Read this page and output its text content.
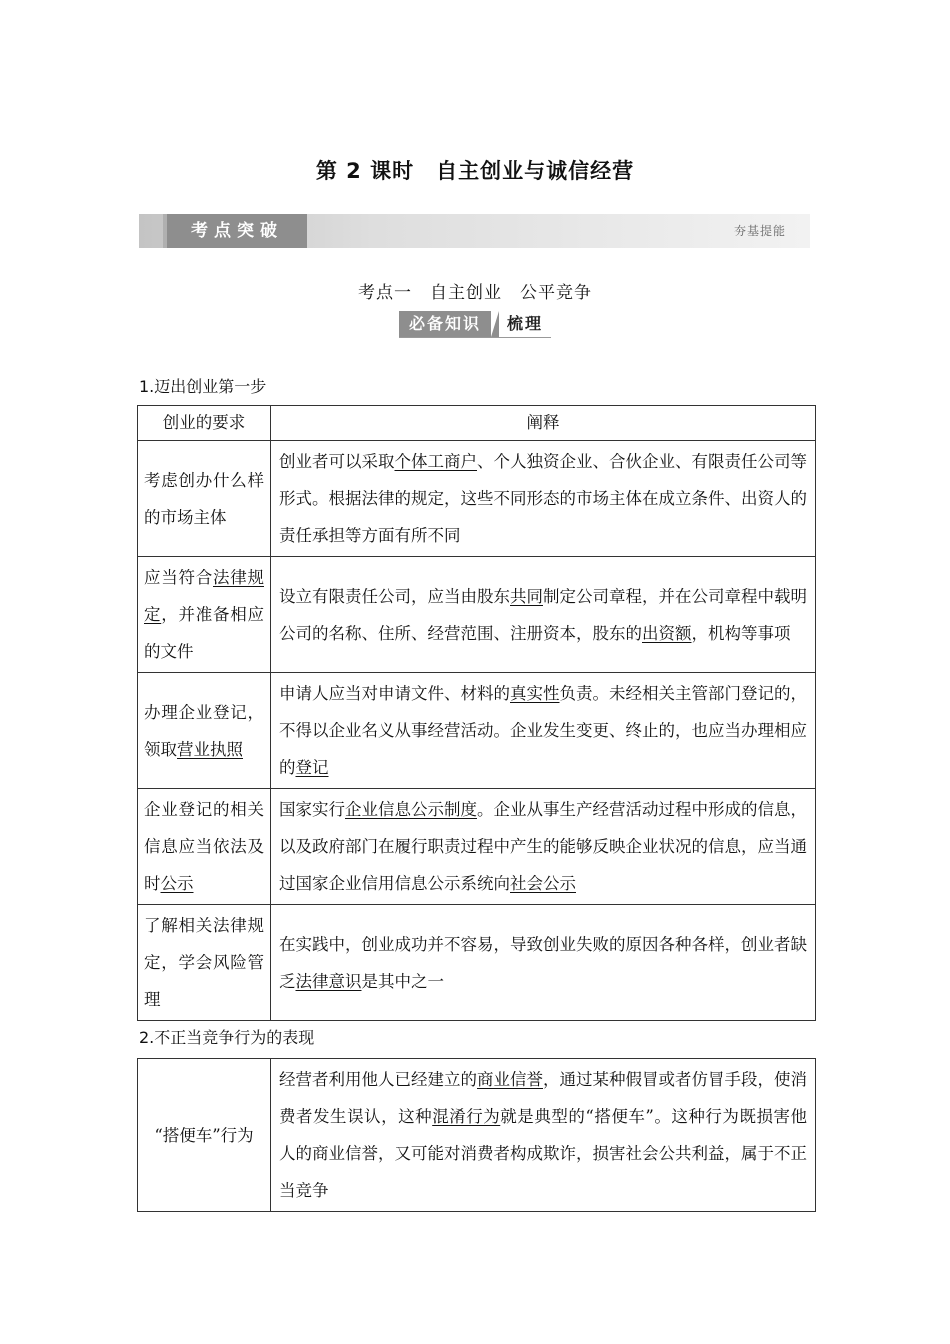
第 2 课时　自主创业与诚信经营
考点突破	夯基提能
考点一　自主创业　公平竞争
必备知识	梳理
1.迈出创业第一步
创业的要求	阐释
考虑创办什么样的市场主体	创业者可以采取个体工商户、个人独资企业、合伙企业、有限责任公司等形式。根据法律的规定，这些不同形态的市场主体在成立条件、出资人的责任承担等方面有所不同
应当符合法律规定，并准备相应的文件	设立有限责任公司，应当由股东共同制定公司章程，并在公司章程中载明公司的名称、住所、经营范围、注册资本，股东的出资额，机构等事项
办理企业登记，领取营业执照	申请人应当对申请文件、材料的真实性负责。未经相关主管部门登记的，不得以企业名义从事经营活动。企业发生变更、终止的，也应当办理相应的登记
企业登记的相关信息应当依法及时公示	国家实行企业信息公示制度。企业从事生产经营活动过程中形成的信息，以及政府部门在履行职责过程中产生的能够反映企业状况的信息，应当通过国家企业信用信息公示系统向社会公示
了解相关法律规定，学会风险管理	在实践中，创业成功并不容易，导致创业失败的原因各种各样，创业者缺乏法律意识是其中之一
2.不正当竞争行为的表现
“搭便车”行为	经营者利用他人已经建立的商业信誉，通过某种假冒或者仿冒手段，使消费者发生误认，这种混淆行为就是典型的“搭便车”。这种行为既损害他人的商业信誉，又可能对消费者构成欺诈，损害社会公共利益，属于不正当竞争
